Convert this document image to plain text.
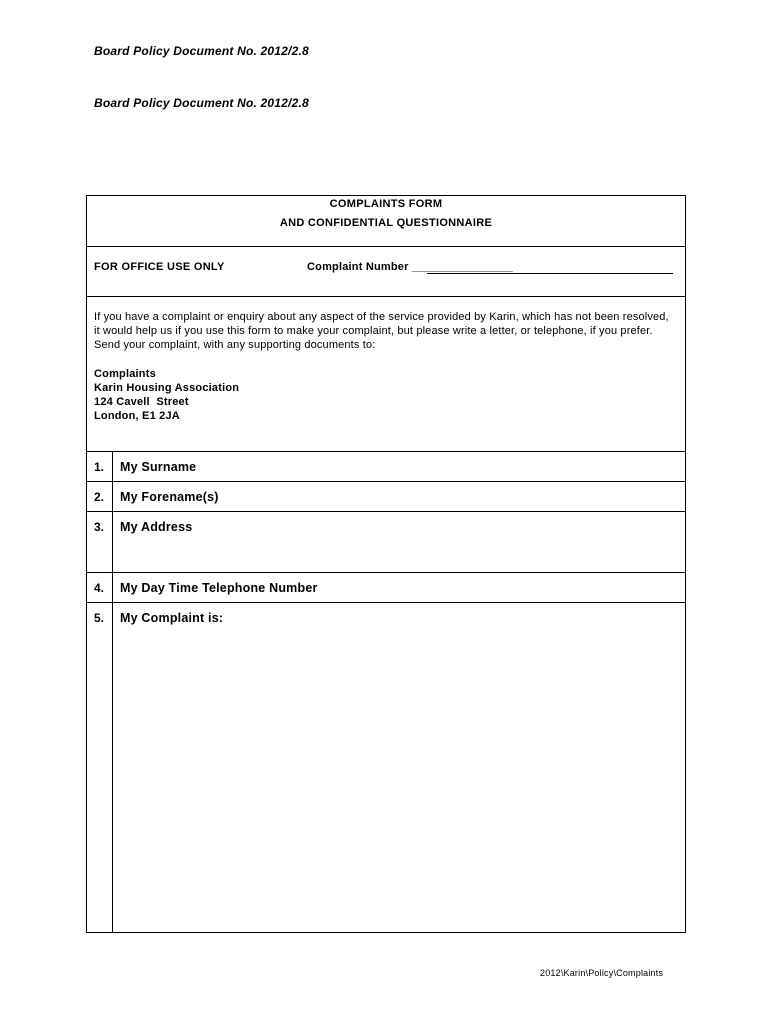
Board Policy Document No. 2012/2.8
Board Policy Document No. 2012/2.8
COMPLAINTS FORM
AND CONFIDENTIAL QUESTIONNAIRE
FOR OFFICE USE ONLY	Complaint Number ________________
If you have a complaint or enquiry about any aspect of the service provided by Karin, which has not been resolved, it would help us if you use this form to make your complaint, but please write a letter, or telephone, if you prefer. Send your complaint, with any supporting documents to:
Complaints
Karin Housing Association
124 Cavell  Street
London, E1 2JA
1. My Surname
2. My Forename(s)
3. My Address
4. My Day Time Telephone Number
5. My Complaint is:
2012\Karin\Policy\Complaints
